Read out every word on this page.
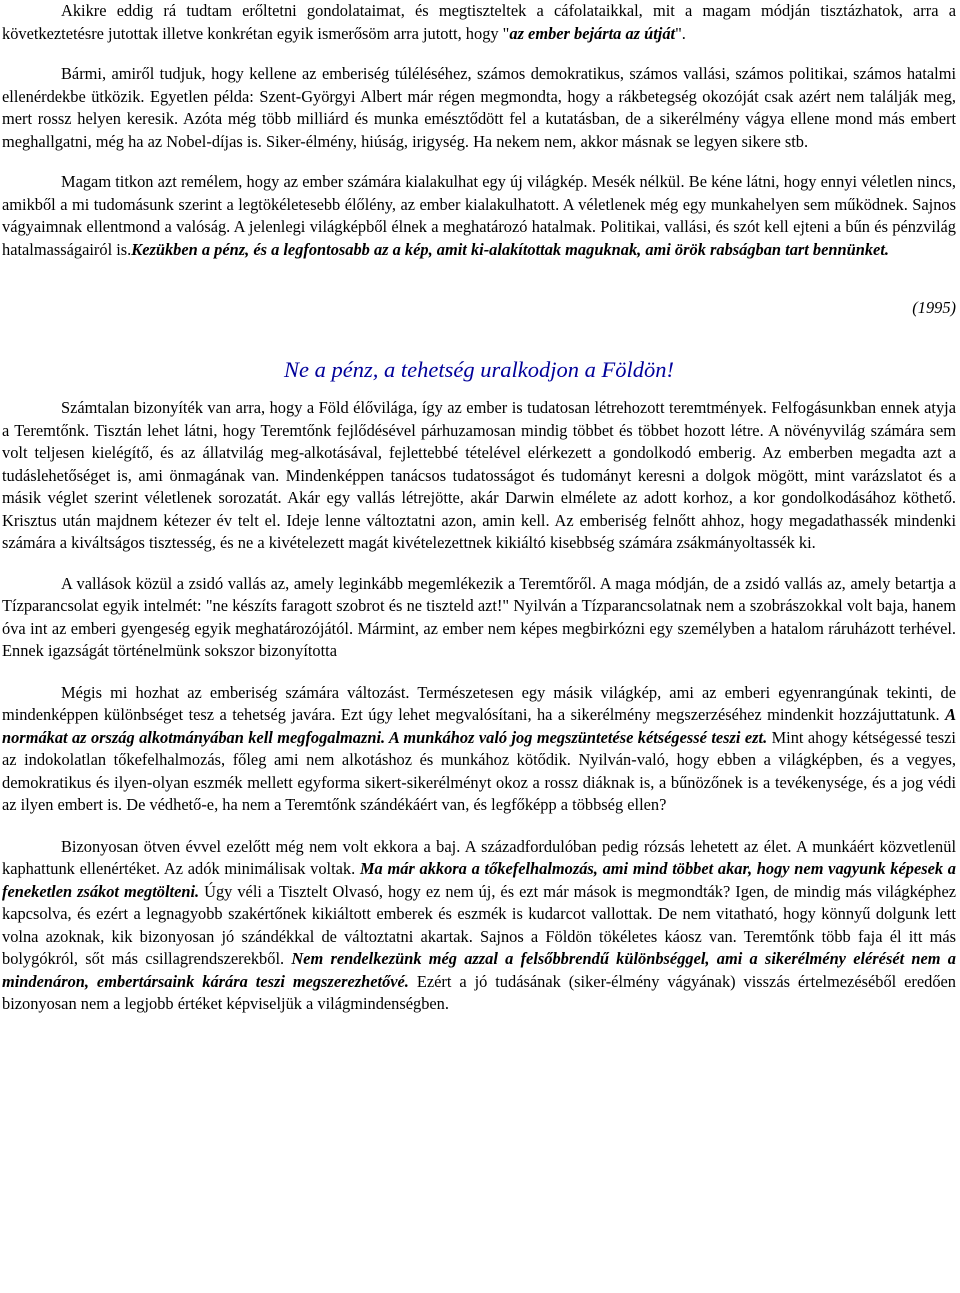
Akikre eddig rá tudtam erőltetni gondolataimat, és megtiszteltek a cáfolataikkal, mit a magam módján tisztázhatok, arra a következtetésre jutottak illetve konkrétan egyik ismerősöm arra jutott, hogy "az ember bejárta az útját".

Bármi, amiről tudjuk, hogy kellene az emberiség túléléséhez, számos demokratikus, számos vallási, számos politikai, számos hatalmi ellenérdekbe ütközik. Egyetlen példa: Szent-Györgyi Albert már régen megmondta, hogy a rákbetegség okozóját csak azért nem találják meg, mert rossz helyen keresik. Azóta még több milliárd és munka emésztődött fel a kutatásban, de a sikerélmény vágya ellene mond más embert meghallgatni, még ha az Nobel-díjas is. Siker-élmény, hiúság, irigység. Ha nekem nem, akkor másnak se legyen sikere stb.

Magam titkon azt remélem, hogy az ember számára kialakulhat egy új világkép. Mesék nélkül. Be kéne látni, hogy ennyi véletlen nincs, amikből a mi tudomásunk szerint a legtökéletesebb élőlény, az ember kialakulhatott. A véletlenek még egy munkahelyen sem működnek. Sajnos vágyaimnak ellentmond a valóság. A jelenlegi világképből élnek a meghatározó hatalmak. Politikai, vallási, és szót kell ejteni a bűn és pénzvilág hatalmasságairól is.Kezükben a pénz, és a legfontosabb az a kép, amit ki-alakítottak maguknak, ami örök rabságban tart bennünket.

(1995)
Ne a pénz, a tehetség uralkodjon a Földön!

Számtalan bizonyíték van arra, hogy a Föld élővilága, így az ember is tudatosan létrehozott teremtmények. Felfogásunkban ennek atyja a Teremtőnk. Tisztán lehet látni, hogy Teremtőnk fejlődésével párhuzamosan mindig többet és többet hozott létre. A növényvilág számára sem volt teljesen kielégítő, és az állatvilág meg-alkotásával, fejlettebbé tételével elérkezett a gondolkodó emberig. Az emberben megadta azt a tudáslehetőséget is, ami önmagának van. Mindenképpen tanácsos tudatosságot és tudományt keresni a dolgok mögött, mint varázslatot és a másik véglet szerint véletlenek sorozatát. Akár egy vallás létrejötte, akár Darwin elmélete az adott korhoz, a kor gondolkodásához köthető. Krisztus után majdnem kétezer év telt el. Ideje lenne változtatni azon, amin kell. Az emberiség felnőtt ahhoz, hogy megadathassék mindenki számára a kiváltságos tisztesség, és ne a kivételezett magát kivételezettnek kikiáltó kisebbség számára zsákmányoltassék ki.

A vallások közül a zsidó vallás az, amely leginkább megemlékezik a Teremtőről. A maga módján, de a zsidó vallás az, amely betartja a Tízparancsolat egyik intelmét: "ne készíts faragott szobrot és ne tiszteld azt!" Nyilván a Tízparancsolatnak nem a szobrászokkal volt baja, hanem óva int az emberi gyengeség egyik meghatározójától. Mármint, az ember nem képes megbirkózni egy személyben a hatalom ráruházott terhével. Ennek igazságát történelmünk sokszor bizonyította

Mégis mi hozhat az emberiség számára változást. Természetesen egy másik világkép, ami az emberi egyenrangúnak tekinti, de mindenképpen különbséget tesz a tehetség javára. Ezt úgy lehet megvalósítani, ha a sikerélmény megszerzéséhez mindenkit hozzájuttatunk. A normákat az ország alkotmányában kell megfogalmazni. A munkához való jog megszüntetése kétségessé teszi ezt. Mint ahogy kétségessé teszi az indokolatlan tőkefelhalmozás, főleg ami nem alkotáshoz és munkához kötődik. Nyilván-való, hogy ebben a világképben, és a vegyes, demokratikus és ilyen-olyan eszmék mellett egyforma sikert-sikerélményt okoz a rossz diáknak is, a bűnözőnek is a tevékenysége, és a jog védi az ilyen embert is. De védhető-e, ha nem a Teremtőnk szándékáért van, és legfőképp a többség ellen?

Bizonyosan ötven évvel ezelőtt még nem volt ekkora a baj. A századfordulóban pedig rózsás lehetett az élet. A munkáért közvetlenül kaphattunk ellenértéket. Az adók minimálisak voltak. Ma már akkora a tőkefelhalmozás, ami mind többet akar, hogy nem vagyunk képesek a feneketlen zsákot megtölteni. Úgy véli a Tisztelt Olvasó, hogy ez nem új, és ezt már mások is megmondták? Igen, de mindig más világképhez kapcsolva, és ezért a legnagyobb szakértőnek kikiáltott emberek és eszmék is kudarcot vallottak. De nem vitatható, hogy könnyű dolgunk lett volna azoknak, kik bizonyosan jó szándékkal de változtatni akartak. Sajnos a Földön tökéletes káosz van. Teremtőnk több faja él itt más bolygókról, sőt más csillagrendszerekből. Nem rendelkezünk még azzal a felsőbbrendű különbséggel, ami a sikerélmény elérését nem a mindenáron, embertársaink kárára teszi megszerezhetővé. Ezért a jó tudásának (siker-élmény vágyának) visszás értelmezéséből eredően bizonyosan nem a legjobb értéket képviseljük a világmindenségben.
